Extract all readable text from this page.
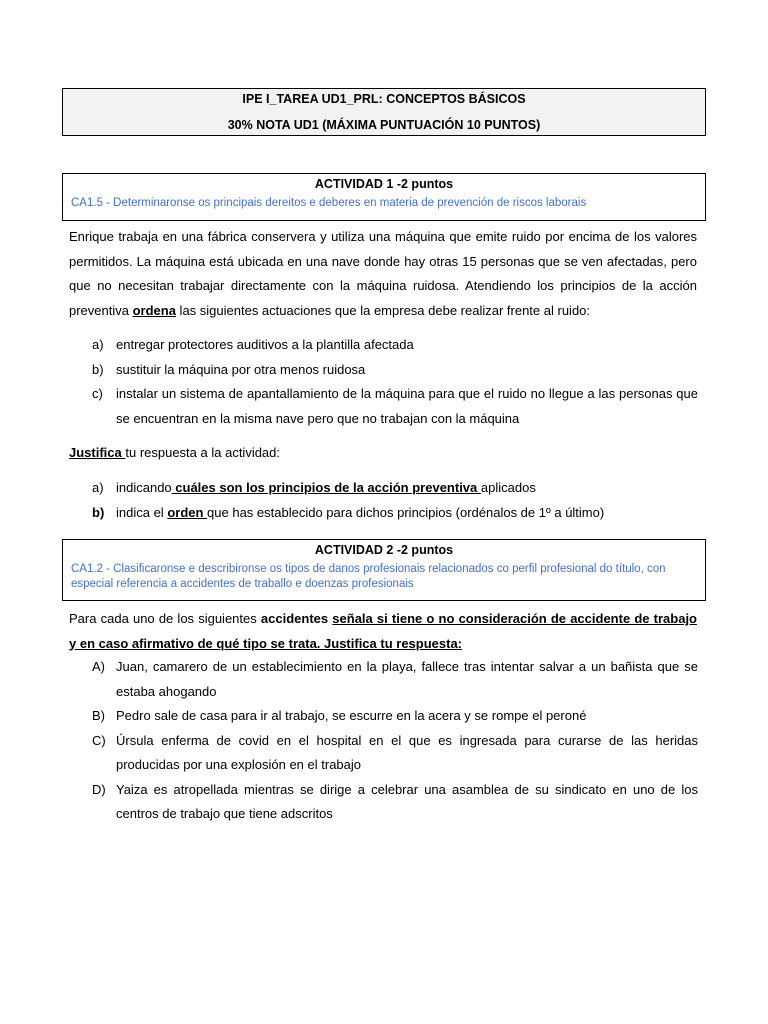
IPE I_TAREA UD1_PRL: CONCEPTOS BÁSICOS
30% NOTA UD1 (MÁXIMA PUNTUACIÓN 10 PUNTOS)
ACTIVIDAD 1 -2 puntos
CA1.5 - Determinaronse os principais dereitos e deberes en materia de prevención de riscos laborais
Enrique trabaja en una fábrica conservera y utiliza una máquina que emite ruido por encima de los valores permitidos. La máquina está ubicada en una nave donde hay otras 15 personas que se ven afectadas, pero que no necesitan trabajar directamente con la máquina ruidosa. Atendiendo los principios de la acción preventiva ordena las siguientes actuaciones que la empresa debe realizar frente al ruido:
a) entregar protectores auditivos a la plantilla afectada
b) sustituir la máquina por otra menos ruidosa
c) instalar un sistema de apantallamiento de la máquina para que el ruido no llegue a las personas que se encuentran en la misma nave pero que no trabajan con la máquina
Justifica tu respuesta a la actividad:
a) indicando cuáles son los principios de la acción preventiva aplicados
b) indica el orden que has establecido para dichos principios (ordénalos de 1º a último)
ACTIVIDAD 2 -2 puntos
CA1.2 - Clasificaronse e describironse os tipos de danos profesionais relacionados co perfil profesional do título, con especial referencia a accidentes de traballo e doenzas profesionais
Para cada uno de los siguientes accidentes señala si tiene o no consideración de accidente de trabajo y en caso afirmativo de qué tipo se trata. Justifica tu respuesta:
A) Juan, camarero de un establecimiento en la playa, fallece tras intentar salvar a un bañista que se estaba ahogando
B) Pedro sale de casa para ir al trabajo, se escurre en la acera y se rompe el peroné
C) Úrsula enferma de covid en el hospital en el que es ingresada para curarse de las heridas producidas por una explosión en el trabajo
D) Yaiza es atropellada mientras se dirige a celebrar una asamblea de su sindicato en uno de los centros de trabajo que tiene adscritos
